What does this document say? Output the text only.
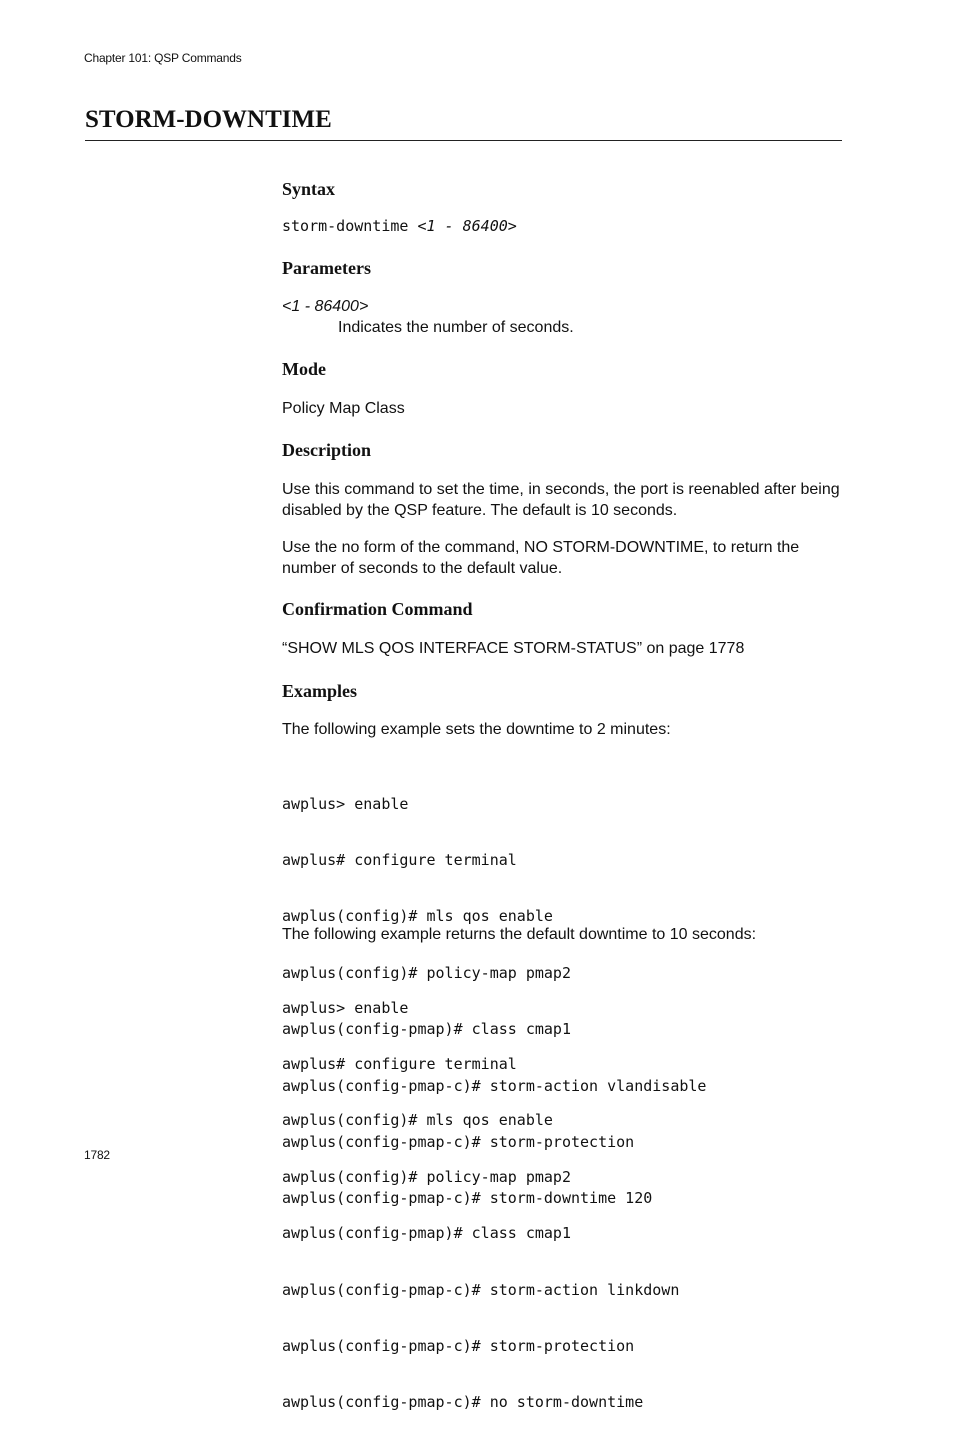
Chapter 101: QSP Commands
STORM-DOWNTIME
Syntax
storm-downtime <1 - 86400>
Parameters
<1 - 86400>
Indicates the number of seconds.
Mode

Policy Map Class

Description

Use this command to set the time, in seconds, the port is reenabled after being disabled by the QSP feature. The default is 10 seconds.

Use the no form of the command, NO STORM-DOWNTIME, to return the number of seconds to the default value.

Confirmation Command

“SHOW MLS QOS INTERFACE STORM-STATUS” on page 1778

Examples

The following example sets the downtime to 2 minutes:

awplus> enable

awplus# configure terminal

awplus(config)# mls qos enable

awplus(config)# policy-map pmap2

awplus(config-pmap)# class cmap1

awplus(config-pmap-c)# storm-action vlandisable

awplus(config-pmap-c)# storm-protection

awplus(config-pmap-c)# storm-downtime 120

The following example returns the default downtime to 10 seconds:

awplus> enable

awplus# configure terminal

awplus(config)# mls qos enable

awplus(config)# policy-map pmap2

awplus(config-pmap)# class cmap1

awplus(config-pmap-c)# storm-action linkdown

awplus(config-pmap-c)# storm-protection

awplus(config-pmap-c)# no storm-downtime

1782
